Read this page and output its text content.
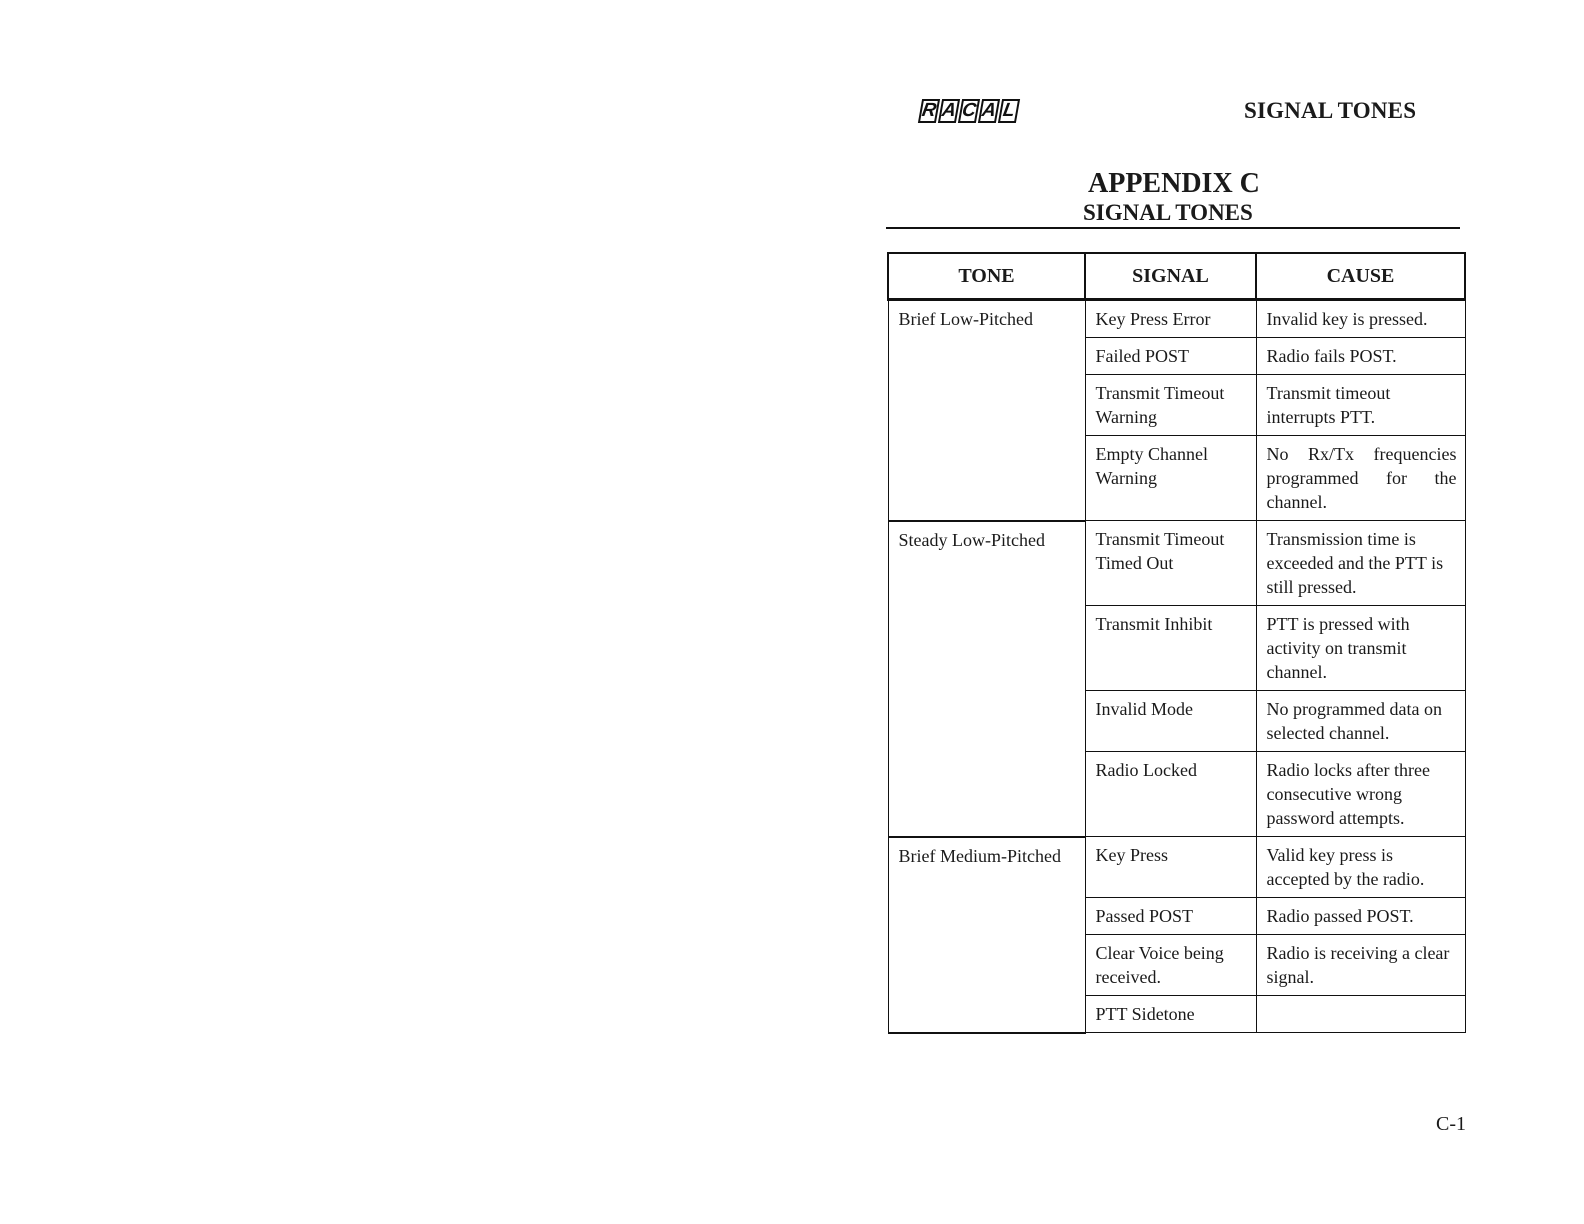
R A C A L	SIGNAL TONES
APPENDIX C
SIGNAL TONES
TONE	SIGNAL	CAUSE
Brief Low-Pitched	Key Press Error	Invalid key is pressed.
	Failed POST	Radio fails POST.
	Transmit Timeout Warning	Transmit timeout interrupts PTT.
	Empty Channel Warning	No Rx/Tx frequencies programmed for the channel.
Steady Low-Pitched	Transmit Timeout Timed Out	Transmission time is exceeded and the PTT is still pressed.
	Transmit Inhibit	PTT is pressed with activity on transmit channel.
	Invalid Mode	No programmed data on selected channel.
	Radio Locked	Radio locks after three consecutive wrong password attempts.
Brief Medium-Pitched	Key Press	Valid key press is accepted by the radio.
	Passed POST	Radio passed POST.
	Clear Voice being received.	Radio is receiving a clear signal.
	PTT Sidetone	
C-1
